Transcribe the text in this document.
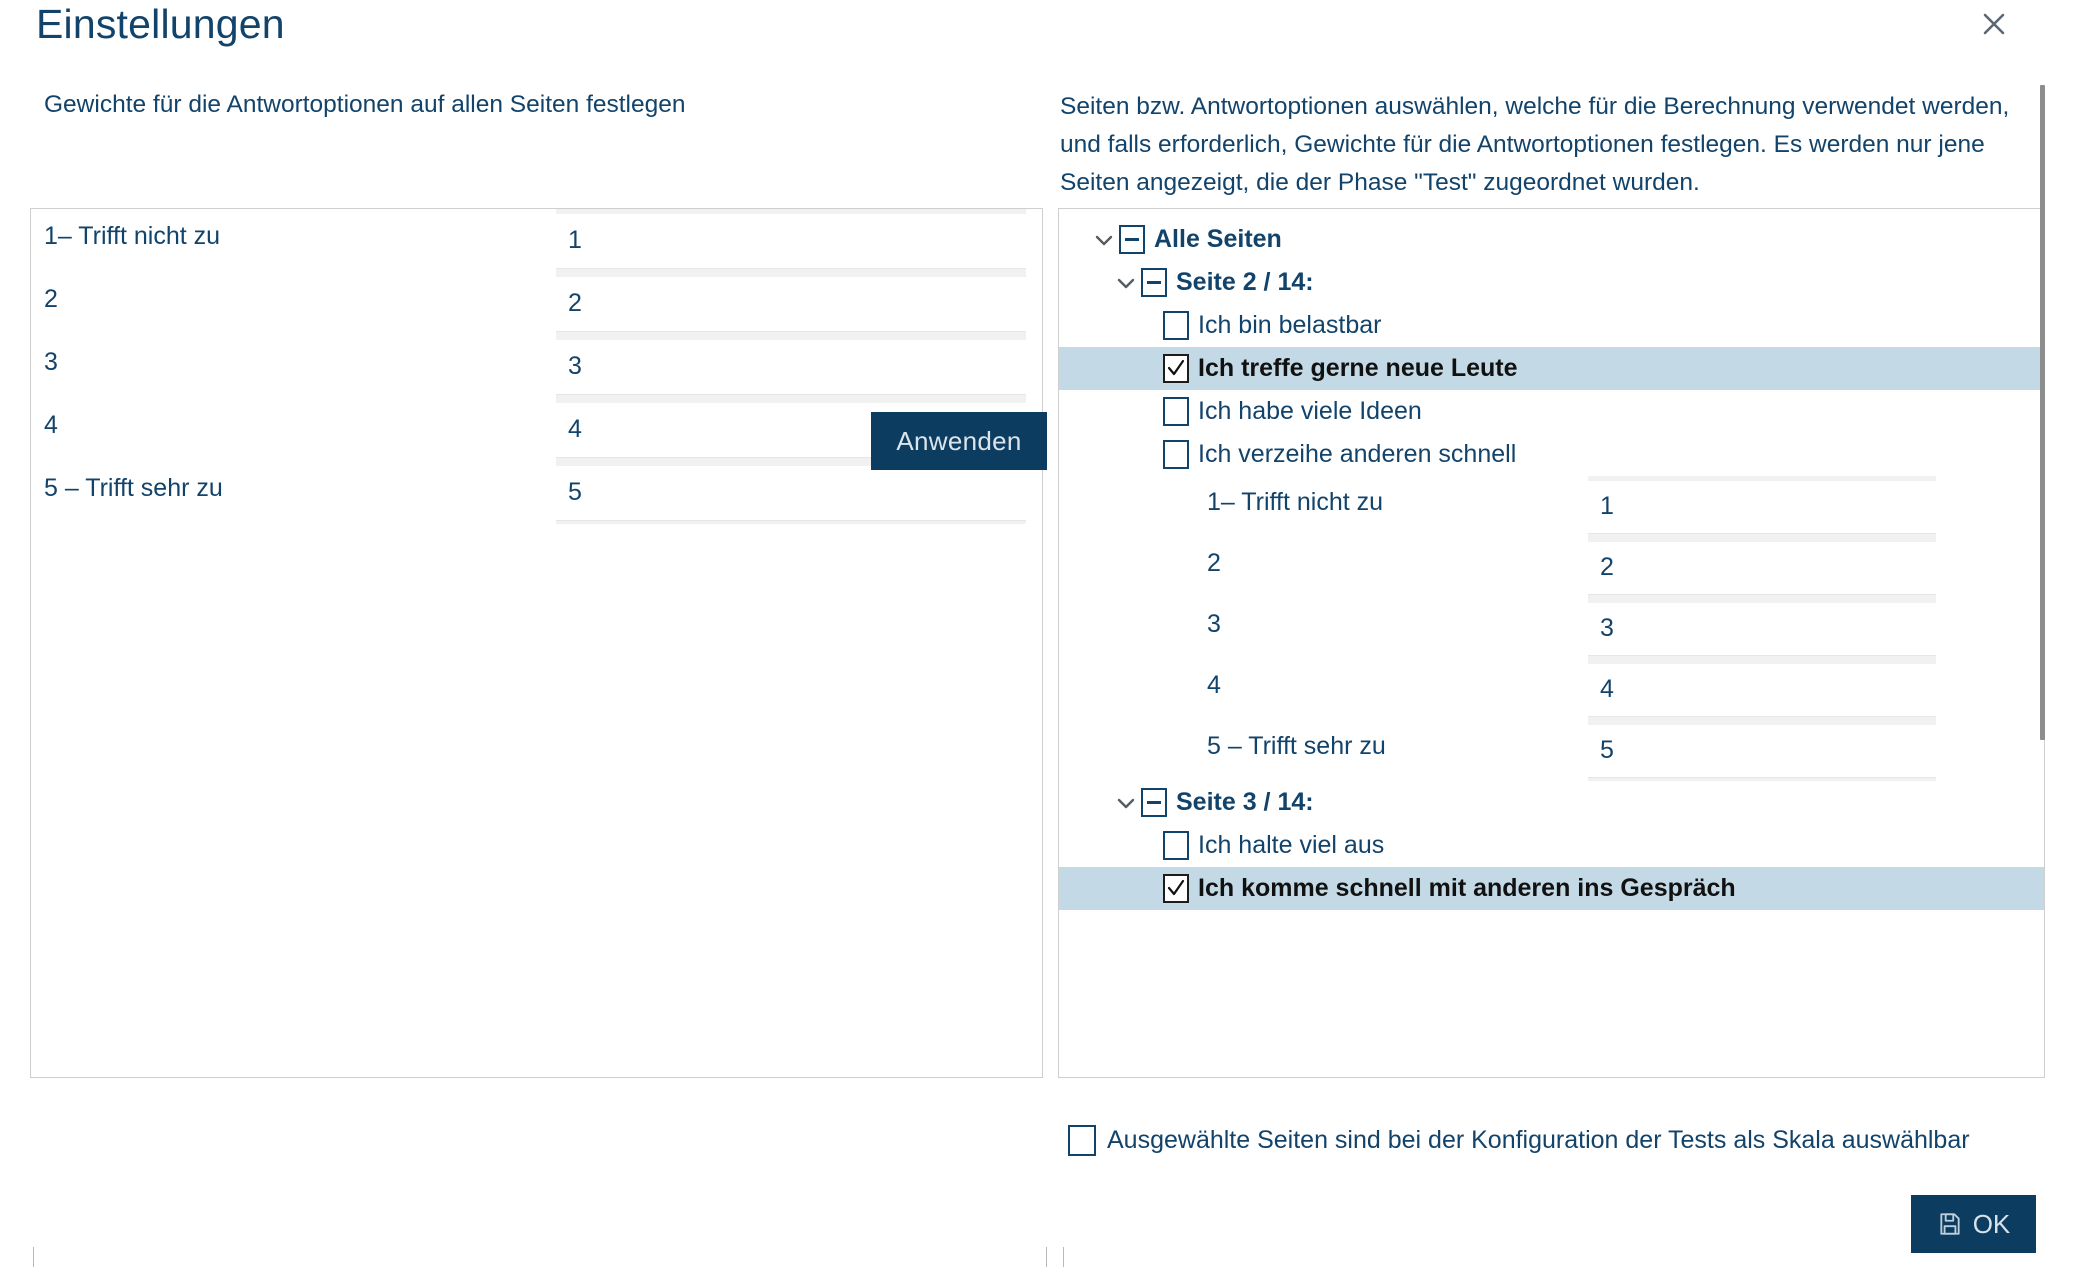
Einstellungen
Gewichte für die Antwortoptionen auf allen Seiten festlegen	Seiten bzw. Antwortoptionen auswählen, welche für die Berechnung verwendet werden, und falls erforderlich, Gewichte für die Antwortoptionen festlegen. Es werden nur jene Seiten angezeigt, die der Phase "Test" zugeordnet wurden.
1– Trifft nicht zu
1
2
2
3
3
4
4
5 – Trifft sehr zu
5
Anwenden
Alle Seiten
Seite 2 / 14:
Ich bin belastbar
Ich treffe gerne neue Leute
Ich habe viele Ideen
Ich verzeihe anderen schnell
1– Trifft nicht zu
1
2
2
3
3
4
4
5 – Trifft sehr zu
5
Seite 3 / 14:
Ich halte viel aus
Ich komme schnell mit anderen ins Gespräch
Ausgewählte Seiten sind bei der Konfiguration der Tests als Skala auswählbar
OK
